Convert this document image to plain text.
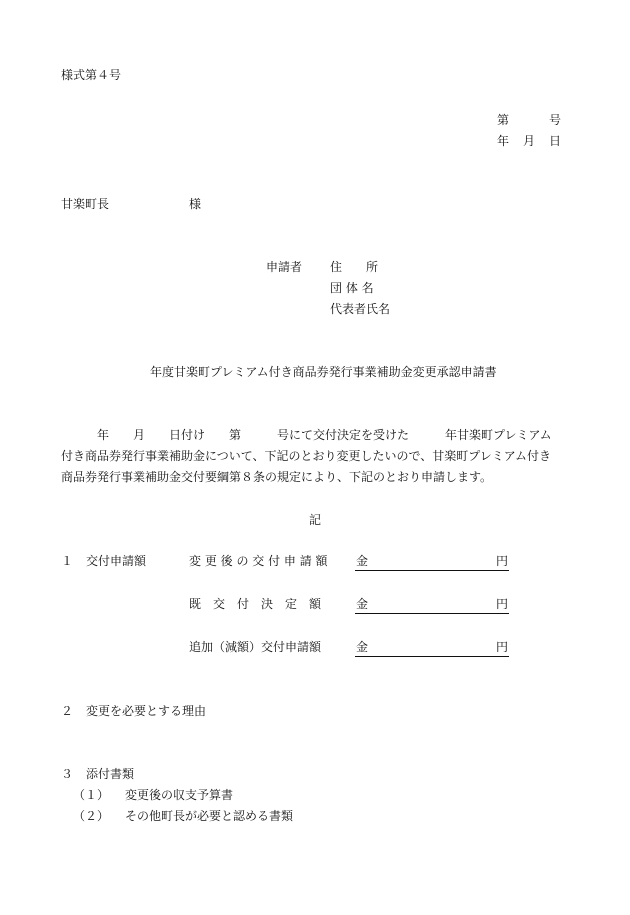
様式第４号
第	号
年 月 日
甘楽町長	様
申請者 住　　所
団 体 名
代表者氏名
年度甘楽町プレミアム付き商品券発行事業補助金変更承認申請書
年　　月　　日付け　　第　　　号にて交付決定を受けた　　　年甘楽町プレミアム
付き商品券発行事業補助金について、下記のとおり変更したいので、甘楽町プレミアム付き
商品券発行事業補助金交付要綱第８条の規定により、下記のとおり申請します。
記
１ 交付申請額	変 更 後 の 交 付 申 請 額 金	円
既　交　付　決　定　額	金	円
追加（減額）交付申請額	金	円
２ 変更を必要とする理由
３ 添付書類
（１） 変更後の収支予算書
（２） その他町長が必要と認める書類
